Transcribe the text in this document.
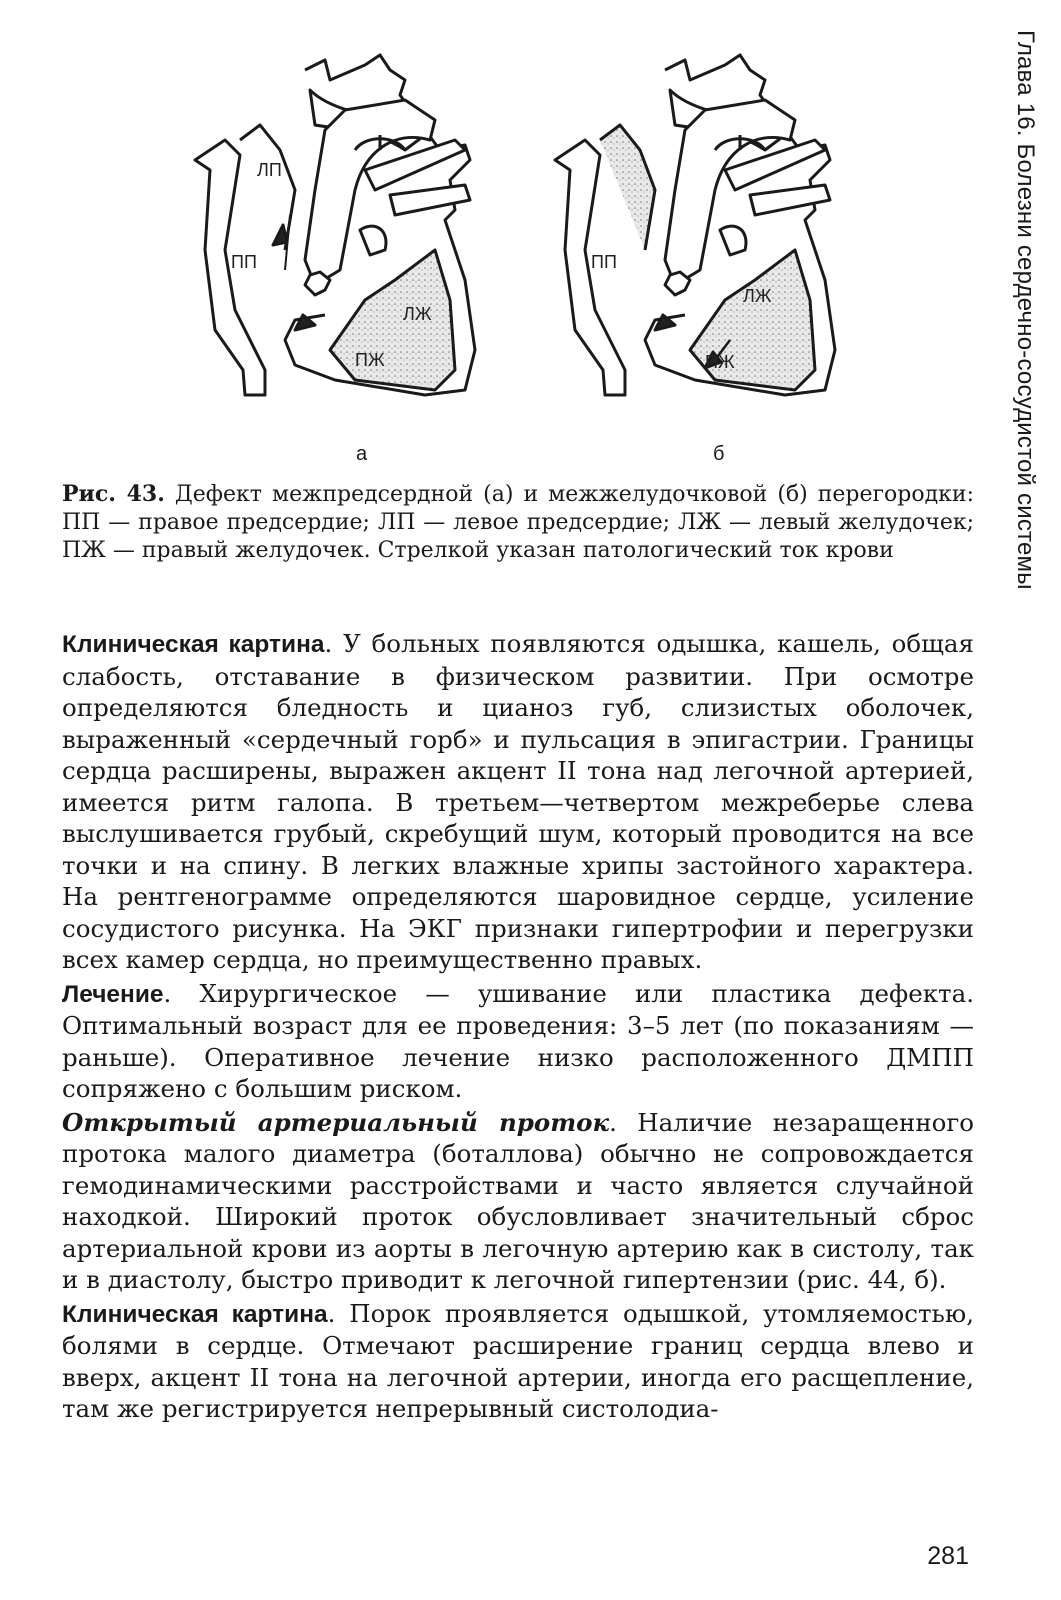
Глава 16. Болезни сердечно-сосудистой системы
ЛП
ПП
ЛЖ
ПЖ
ПП
ЛЖ
ПЖ
а	б
Рис. 43. Дефект межпредсердной (а) и межжелудочковой (б) перегородки: ПП — правое предсердие; ЛП — левое предсердие; ЛЖ — левый желудочек; ПЖ — правый желудочек. Стрелкой указан патологический ток крови

Клиническая картина. У больных появляются одышка, кашель, общая слабость, отставание в физическом развитии. При осмотре определяются бледность и цианоз губ, слизистых оболочек, выраженный «сердечный горб» и пульсация в эпигастрии. Границы сердца расширены, выражен акцент II тона над легочной артерией, имеется ритм галопа. В третьем—четвертом межреберье слева выслушивается грубый, скребущий шум, который проводится на все точки и на спину. В легких влажные хрипы застойного характера. На рентгенограмме определяются шаровидное сердце, усиление сосудистого рисунка. На ЭКГ признаки гипертрофии и перегрузки всех камер сердца, но преимущественно правых.

Лечение. Хирургическое — ушивание или пластика дефекта. Оптимальный возраст для ее проведения: 3–5 лет (по показаниям — раньше). Оперативное лечение низко расположенного ДМПП сопряжено с большим риском.

Открытый артериальный проток. Наличие незаращенного протока малого диаметра (боталлова) обычно не сопровождается гемодинамическими расстройствами и часто является случайной находкой. Широкий проток обусловливает значительный сброс артериальной крови из аорты в легочную артерию как в систолу, так и в диастолу, быстро приводит к легочной гипертензии (рис. 44, б).

Клиническая картина. Порок проявляется одышкой, утомляемостью, болями в сердце. Отмечают расширение границ сердца влево и вверх, акцент II тона на легочной артерии, иногда его расщепление, там же регистрируется непрерывный систолодиа-

281
